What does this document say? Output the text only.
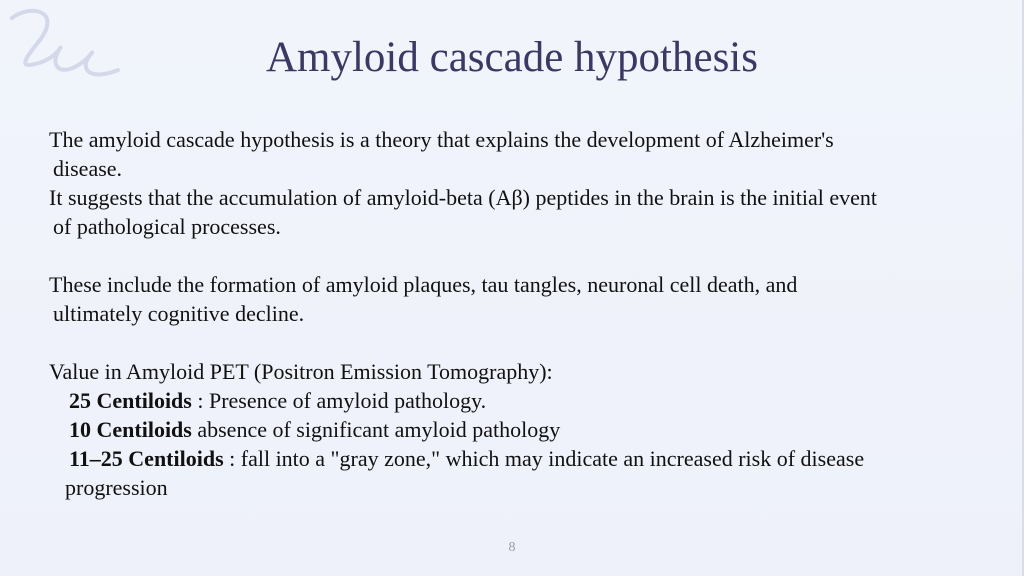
Amyloid cascade hypothesis
The amyloid cascade hypothesis is a theory that explains the development of Alzheimer's
disease.
It suggests that the accumulation of amyloid-beta (Aβ) peptides in the brain is the initial event
of pathological processes.
These include the formation of amyloid plaques, tau tangles, neuronal cell death, and
ultimately cognitive decline.
Value in Amyloid PET (Positron Emission Tomography):
25 Centiloids : Presence of amyloid pathology.
10 Centiloids absence of significant amyloid pathology
11–25 Centiloids : fall into a "gray zone," which may indicate an increased risk of disease
progression
8
